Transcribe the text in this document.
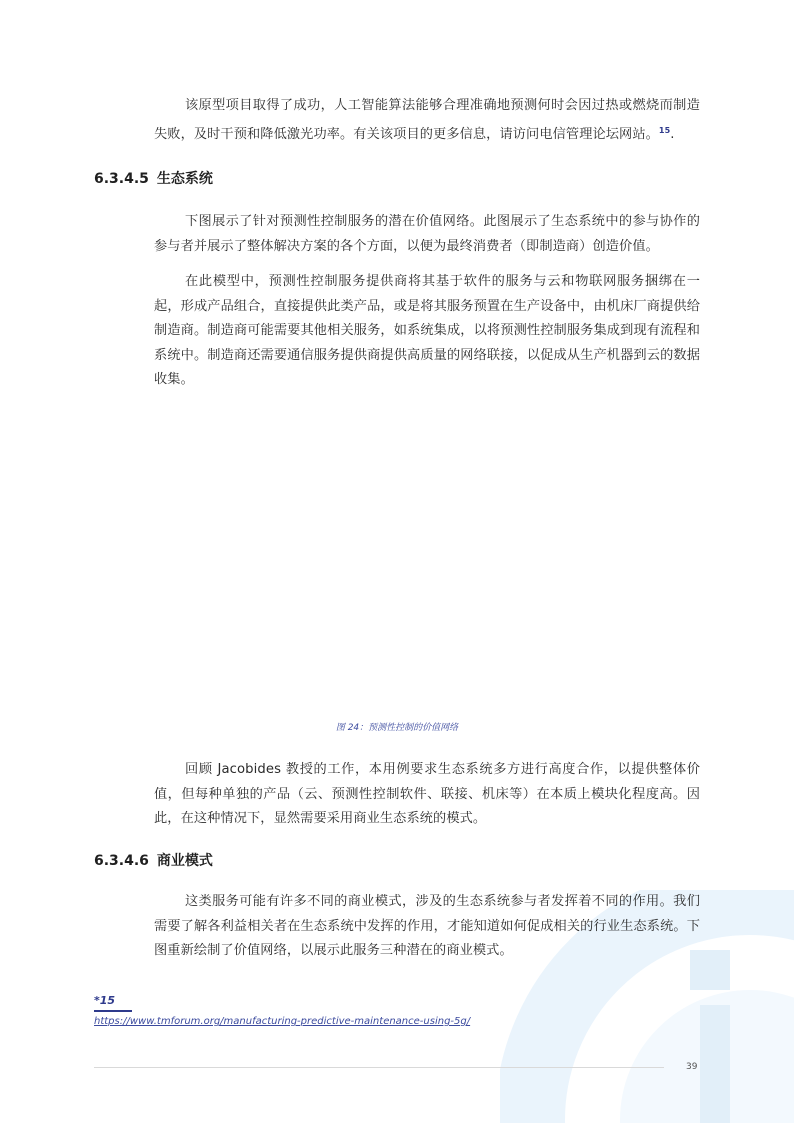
该原型项目取得了成功，人工智能算法能够合理准确地预测何时会因过热或燃烧而制造失败，及时干预和降低激光功率。有关该项目的更多信息，请访问电信管理论坛网站。$^{15}$.

6.3.4.5 生态系统

下图展示了针对预测性控制服务的潜在价值网络。此图展示了生态系统中的参与协作的参与者并展示了整体解决方案的各个方面，以便为最终消费者（即制造商）创造价值。

在此模型中，预测性控制服务提供商将其基于软件的服务与云和物联网服务捆绑在一起，形成产品组合，直接提供此类产品，或是将其服务预置在生产设备中，由机床厂商提供给制造商。制造商可能需要其他相关服务，如系统集成，以将预测性控制服务集成到现有流程和系统中。制造商还需要通信服务提供商提供高质量的网络联接，以促成从生产机器到云的数据收集。

图 24：预测性控制的价值网络

回顾 Jacobides 教授的工作，本用例要求生态系统多方进行高度合作，以提供整体价值，但每种单独的产品（云、预测性控制软件、联接、机床等）在本质上模块化程度高。因此，在这种情况下，显然需要采用商业生态系统的模式。

6.3.4.6 商业模式

这类服务可能有许多不同的商业模式，涉及的生态系统参与者发挥着不同的作用。我们需要了解各利益相关者在生态系统中发挥的作用，才能知道如何促成相关的行业生态系统。下图重新绘制了价值网络，以展示此服务三种潜在的商业模式。

*15

https://www.tmforum.org/manufacturing-predictive-maintenance-using-5g/

39
